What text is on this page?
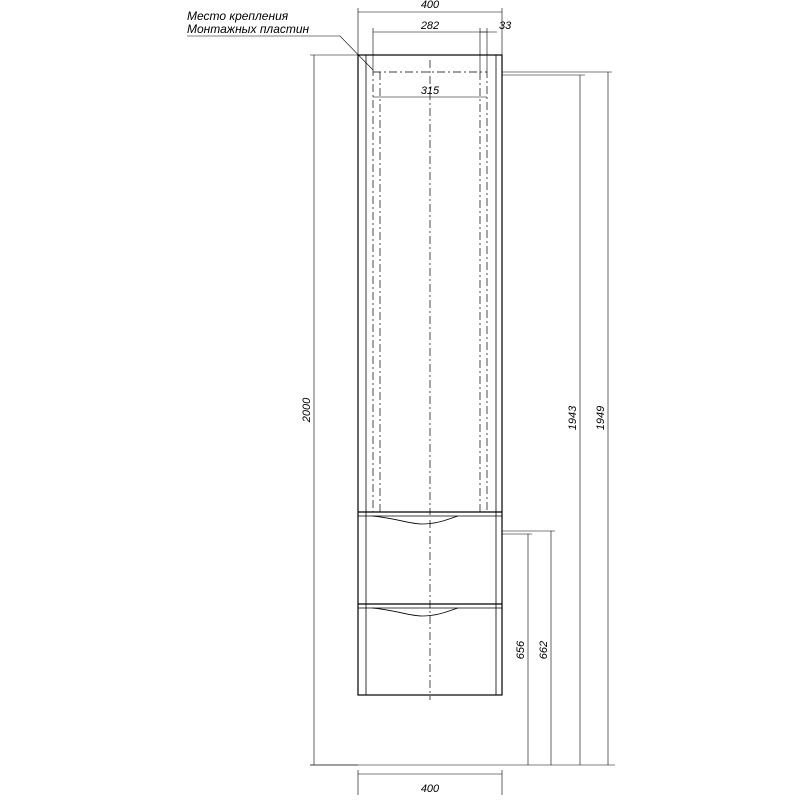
400
282	33
315
Место крепления
Монтажных пластин
2000	1943 1949
656 662
400
